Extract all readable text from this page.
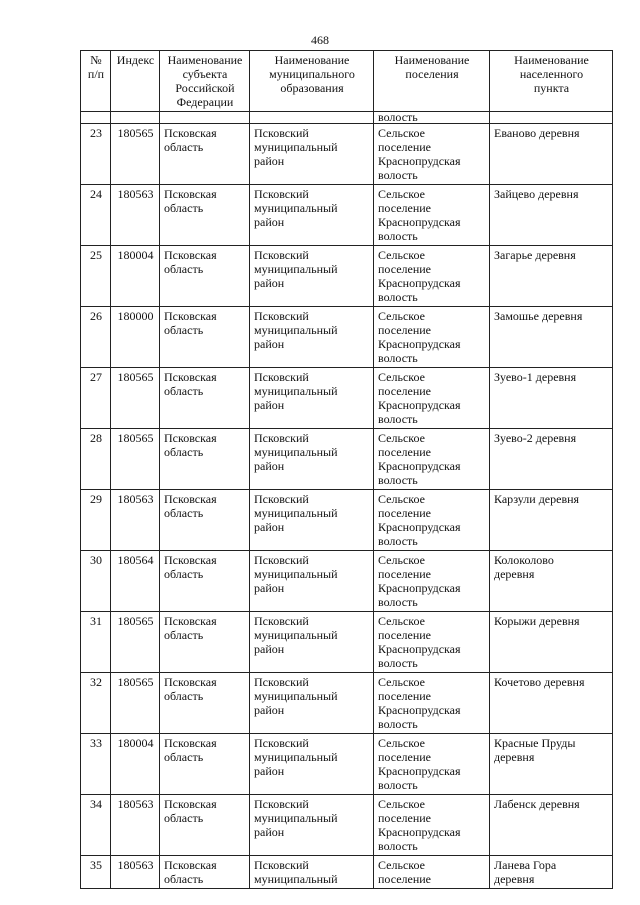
468
№
п/п	Индекс	Наименование
субъекта
Российской
Федерации	Наименование
муниципального
образования	Наименование
поселения	Наименование
населенного
пункта
				волость	
23	180565	Псковская
область	Псковский
муниципальный
район	Сельское
поселение
Краснопрудская
волость	Еваново деревня
24	180563	Псковская
область	Псковский
муниципальный
район	Сельское
поселение
Краснопрудская
волость	Зайцево деревня
25	180004	Псковская
область	Псковский
муниципальный
район	Сельское
поселение
Краснопрудская
волость	Загарье деревня
26	180000	Псковская
область	Псковский
муниципальный
район	Сельское
поселение
Краснопрудская
волость	Замошье деревня
27	180565	Псковская
область	Псковский
муниципальный
район	Сельское
поселение
Краснопрудская
волость	Зуево-1 деревня
28	180565	Псковская
область	Псковский
муниципальный
район	Сельское
поселение
Краснопрудская
волость	Зуево-2 деревня
29	180563	Псковская
область	Псковский
муниципальный
район	Сельское
поселение
Краснопрудская
волость	Карзули деревня
30	180564	Псковская
область	Псковский
муниципальный
район	Сельское
поселение
Краснопрудская
волость	Колоколово
деревня
31	180565	Псковская
область	Псковский
муниципальный
район	Сельское
поселение
Краснопрудская
волость	Корыжи деревня
32	180565	Псковская
область	Псковский
муниципальный
район	Сельское
поселение
Краснопрудская
волость	Кочетово деревня
33	180004	Псковская
область	Псковский
муниципальный
район	Сельское
поселение
Краснопрудская
волость	Красные Пруды
деревня
34	180563	Псковская
область	Псковский
муниципальный
район	Сельское
поселение
Краснопрудская
волость	Лабенск деревня
35	180563	Псковская
область	Псковский
муниципальный	Сельское
поселение	Ланева Гора
деревня
